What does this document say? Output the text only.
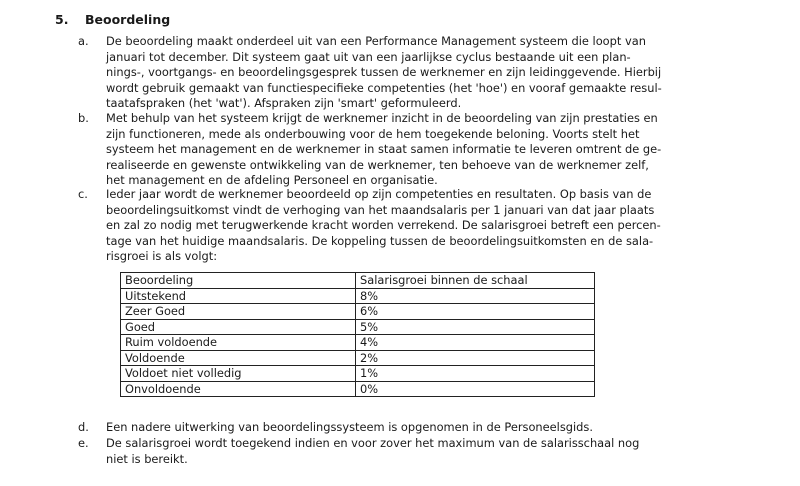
5. Beoordeling
a. De beoordeling maakt onderdeel uit van een Performance Management systeem die loopt van
januari tot december. Dit systeem gaat uit van een jaarlijkse cyclus bestaande uit een plan-
nings-, voortgangs- en beoordelingsgesprek tussen de werknemer en zijn leidinggevende. Hierbij
wordt gebruik gemaakt van functiespecifieke competenties (het 'hoe') en vooraf gemaakte resul-
taatafspraken (het 'wat'). Afspraken zijn 'smart' geformuleerd.
b. Met behulp van het systeem krijgt de werknemer inzicht in de beoordeling van zijn prestaties en
zijn functioneren, mede als onderbouwing voor de hem toegekende beloning. Voorts stelt het
systeem het management en de werknemer in staat samen informatie te leveren omtrent de ge-
realiseerde en gewenste ontwikkeling van de werknemer, ten behoeve van de werknemer zelf,
het management en de afdeling Personeel en organisatie.
c. Ieder jaar wordt de werknemer beoordeeld op zijn competenties en resultaten. Op basis van de
beoordelingsuitkomst vindt de verhoging van het maandsalaris per 1 januari van dat jaar plaats
en zal zo nodig met terugwerkende kracht worden verrekend. De salarisgroei betreft een percen-
tage van het huidige maandsalaris. De koppeling tussen de beoordelingsuitkomsten en de sala-
risgroei is als volgt:
Beoordeling	Salarisgroei binnen de schaal
Uitstekend	8%
Zeer Goed	6%
Goed	5%
Ruim voldoende	4%
Voldoende	2%
Voldoet niet volledig	1%
Onvoldoende	0%
d. Een nadere uitwerking van beoordelingssysteem is opgenomen in de Personeelsgids.
e. De salarisgroei wordt toegekend indien en voor zover het maximum van de salarisschaal nog
niet is bereikt.
